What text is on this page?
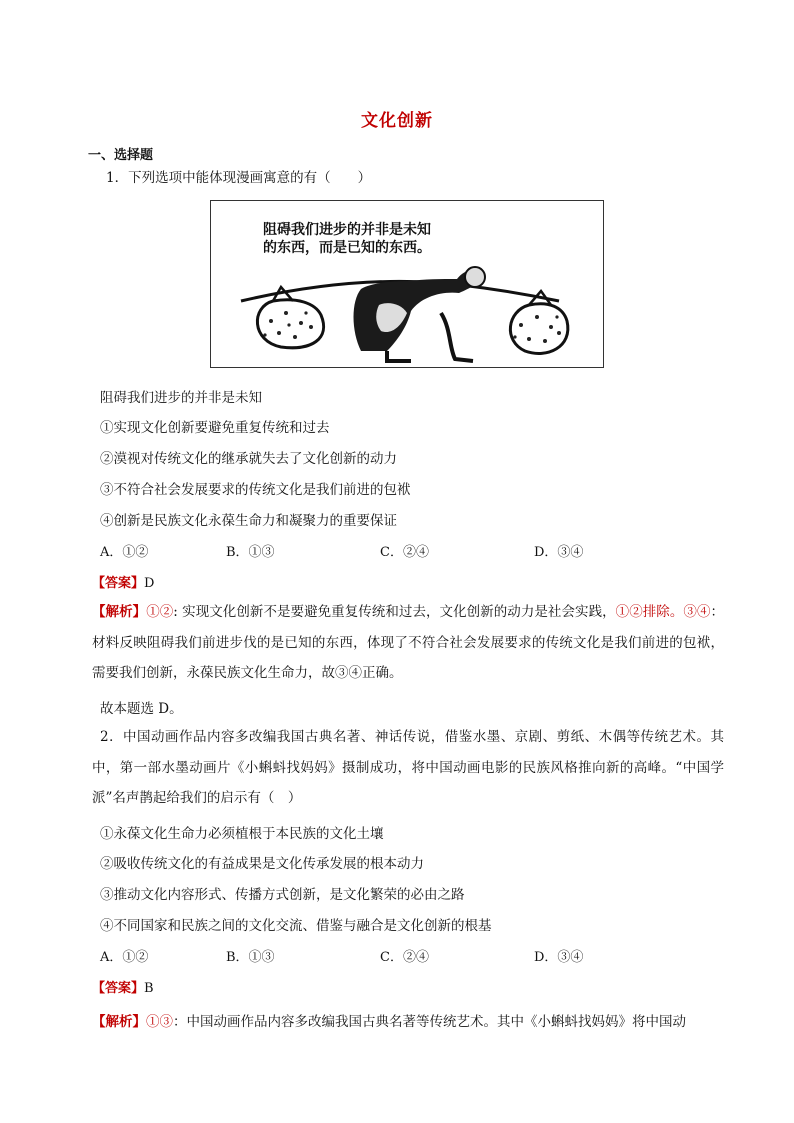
文化创新
一、选择题
1．下列选项中能体现漫画寓意的有（　　）
阻碍我们进步的并非是未知
的东西，而是已知的东西。
阻碍我们进步的并非是未知
①实现文化创新要避免重复传统和过去
②漠视对传统文化的继承就失去了文化创新的动力
③不符合社会发展要求的传统文化是我们前进的包袱
④创新是民族文化永葆生命力和凝聚力的重要保证
A．①②	B．①③	C．②④	D．③④
【答案】D
【解析】①②: 实现文化创新不是要避免重复传统和过去，文化创新的动力是社会实践，①②排除。③④：材料反映阻碍我们前进步伐的是已知的东西，体现了不符合社会发展要求的传统文化是我们前进的包袱，需要我们创新，永葆民族文化生命力，故③④正确。
故本题选 D。
2．中国动画作品内容多改编我国古典名著、神话传说，借鉴水墨、京剧、剪纸、木偶等传统艺术。其中，第一部水墨动画片《小蝌蚪找妈妈》摄制成功，将中国动画电影的民族风格推向新的高峰。“中国学派”名声鹊起给我们的启示有（　）
①永葆文化生命力必须植根于本民族的文化土壤
②吸收传统文化的有益成果是文化传承发展的根本动力
③推动文化内容形式、传播方式创新，是文化繁荣的必由之路
④不同国家和民族之间的文化交流、借鉴与融合是文化创新的根基
A．①②	B．①③	C．②④	D．③④
【答案】B
【解析】①③：中国动画作品内容多改编我国古典名著等传统艺术。其中《小蝌蚪找妈妈》将中国动
